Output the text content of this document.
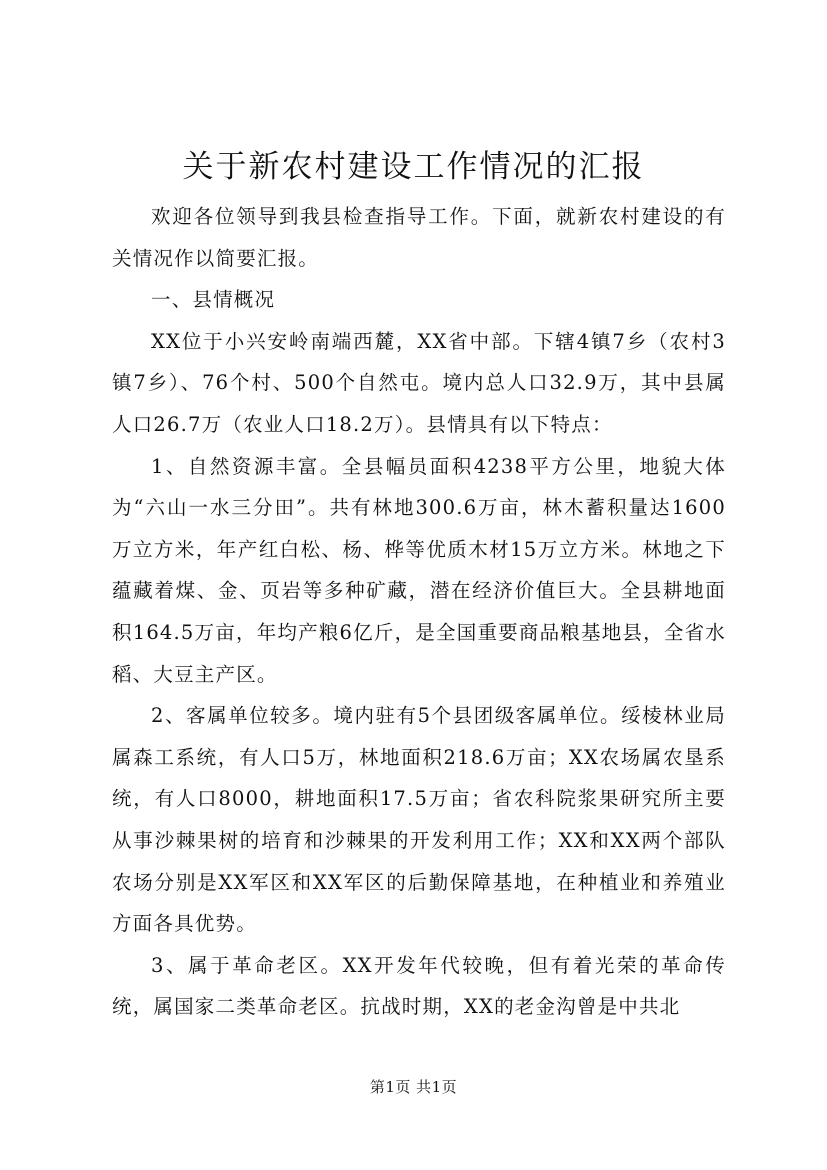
关于新农村建设工作情况的汇报

欢迎各位领导到我县检查指导工作。下面，就新农村建设的有关情况作以简要汇报。

一、县情概况

XX位于小兴安岭南端西麓，XX省中部。下辖4镇7乡（农村3镇7乡）、76个村、500个自然屯。境内总人口32.9万，其中县属人口26.7万（农业人口18.2万）。县情具有以下特点：

1、自然资源丰富。全县幅员面积4238平方公里，地貌大体为“六山一水三分田”。共有林地300.6万亩，林木蓄积量达1600万立方米，年产红白松、杨、桦等优质木材15万立方米。林地之下蕴藏着煤、金、页岩等多种矿藏，潜在经济价值巨大。全县耕地面积164.5万亩，年均产粮6亿斤，是全国重要商品粮基地县，全省水稻、大豆主产区。

2、客属单位较多。境内驻有5个县团级客属单位。绥棱林业局属森工系统，有人口5万，林地面积218.6万亩；XX农场属农垦系统，有人口8000，耕地面积17.5万亩；省农科院浆果研究所主要从事沙棘果树的培育和沙棘果的开发利用工作；XX和XX两个部队农场分别是XX军区和XX军区的后勤保障基地，在种植业和养殖业方面各具优势。

3、属于革命老区。XX开发年代较晚，但有着光荣的革命传统，属国家二类革命老区。抗战时期，XX的老金沟曾是中共北

第1页 共1页
